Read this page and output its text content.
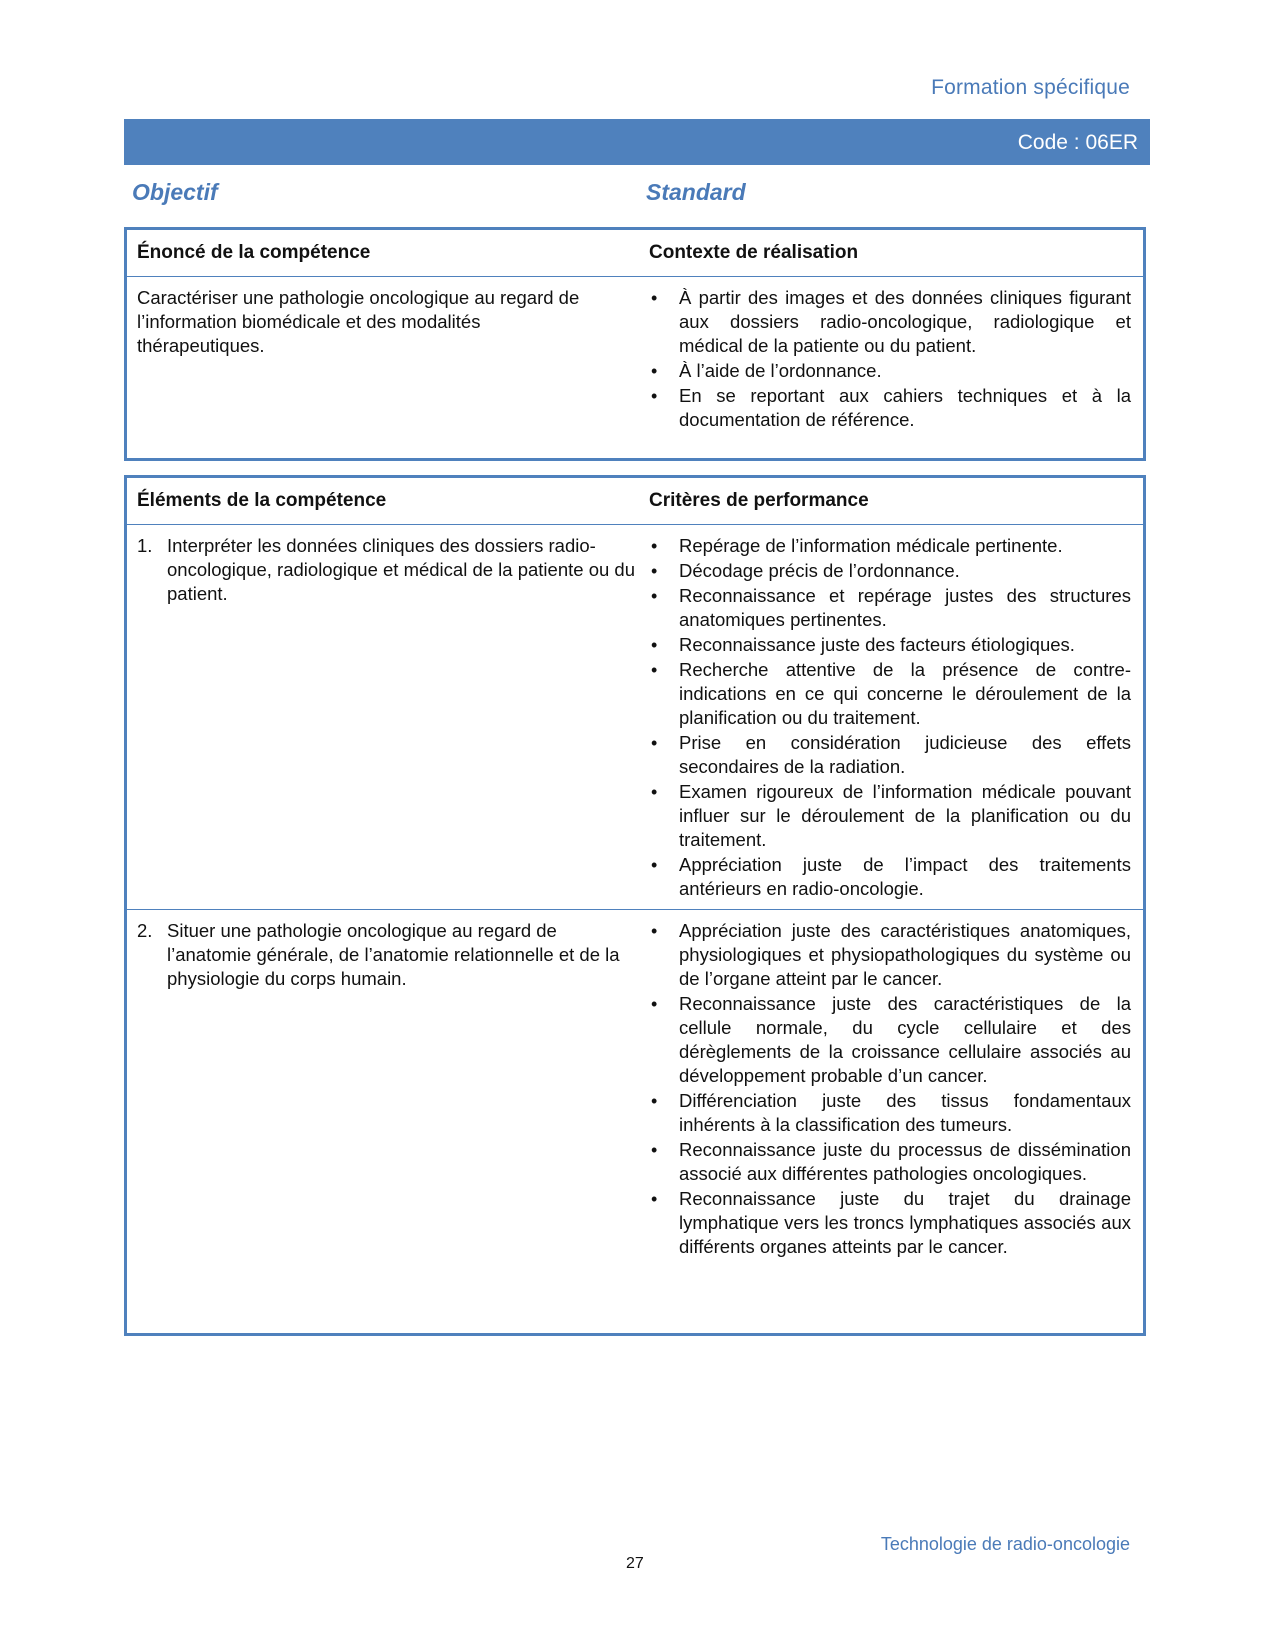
Formation spécifique
Code : 06ER
Objectif	Standard
Énoncé de la compétence	Contexte de réalisation
Caractériser une pathologie oncologique au regard de l’information biomédicale et des modalités thérapeutiques.
• À partir des images et des données cliniques figurant aux dossiers radio-oncologique, radiologique et médical de la patiente ou du patient.
• À l’aide de l’ordonnance.
• En se reportant aux cahiers techniques et à la documentation de référence.
Éléments de la compétence	Critères de performance
1. Interpréter les données cliniques des dossiers radio-oncologique, radiologique et médical de la patiente ou du patient.
• Repérage de l’information médicale pertinente.
• Décodage précis de l’ordonnance.
• Reconnaissance et repérage justes des structures anatomiques pertinentes.
• Reconnaissance juste des facteurs étiologiques.
• Recherche attentive de la présence de contre-indications en ce qui concerne le déroulement de la planification ou du traitement.
• Prise en considération judicieuse des effets secondaires de la radiation.
• Examen rigoureux de l’information médicale pouvant influer sur le déroulement de la planification ou du traitement.
• Appréciation juste de l’impact des traitements antérieurs en radio-oncologie.
2. Situer une pathologie oncologique au regard de l’anatomie générale, de l’anatomie relationnelle et de la physiologie du corps humain.
• Appréciation juste des caractéristiques anatomiques, physiologiques et physiopathologiques du système ou de l’organe atteint par le cancer.
• Reconnaissance juste des caractéristiques de la cellule normale, du cycle cellulaire et des dérèglements de la croissance cellulaire associés au développement probable d’un cancer.
• Différenciation juste des tissus fondamentaux inhérents à la classification des tumeurs.
• Reconnaissance juste du processus de dissémination associé aux différentes pathologies oncologiques.
• Reconnaissance juste du trajet du drainage lymphatique vers les troncs lymphatiques associés aux différents organes atteints par le cancer.
Technologie de radio-oncologie
27
